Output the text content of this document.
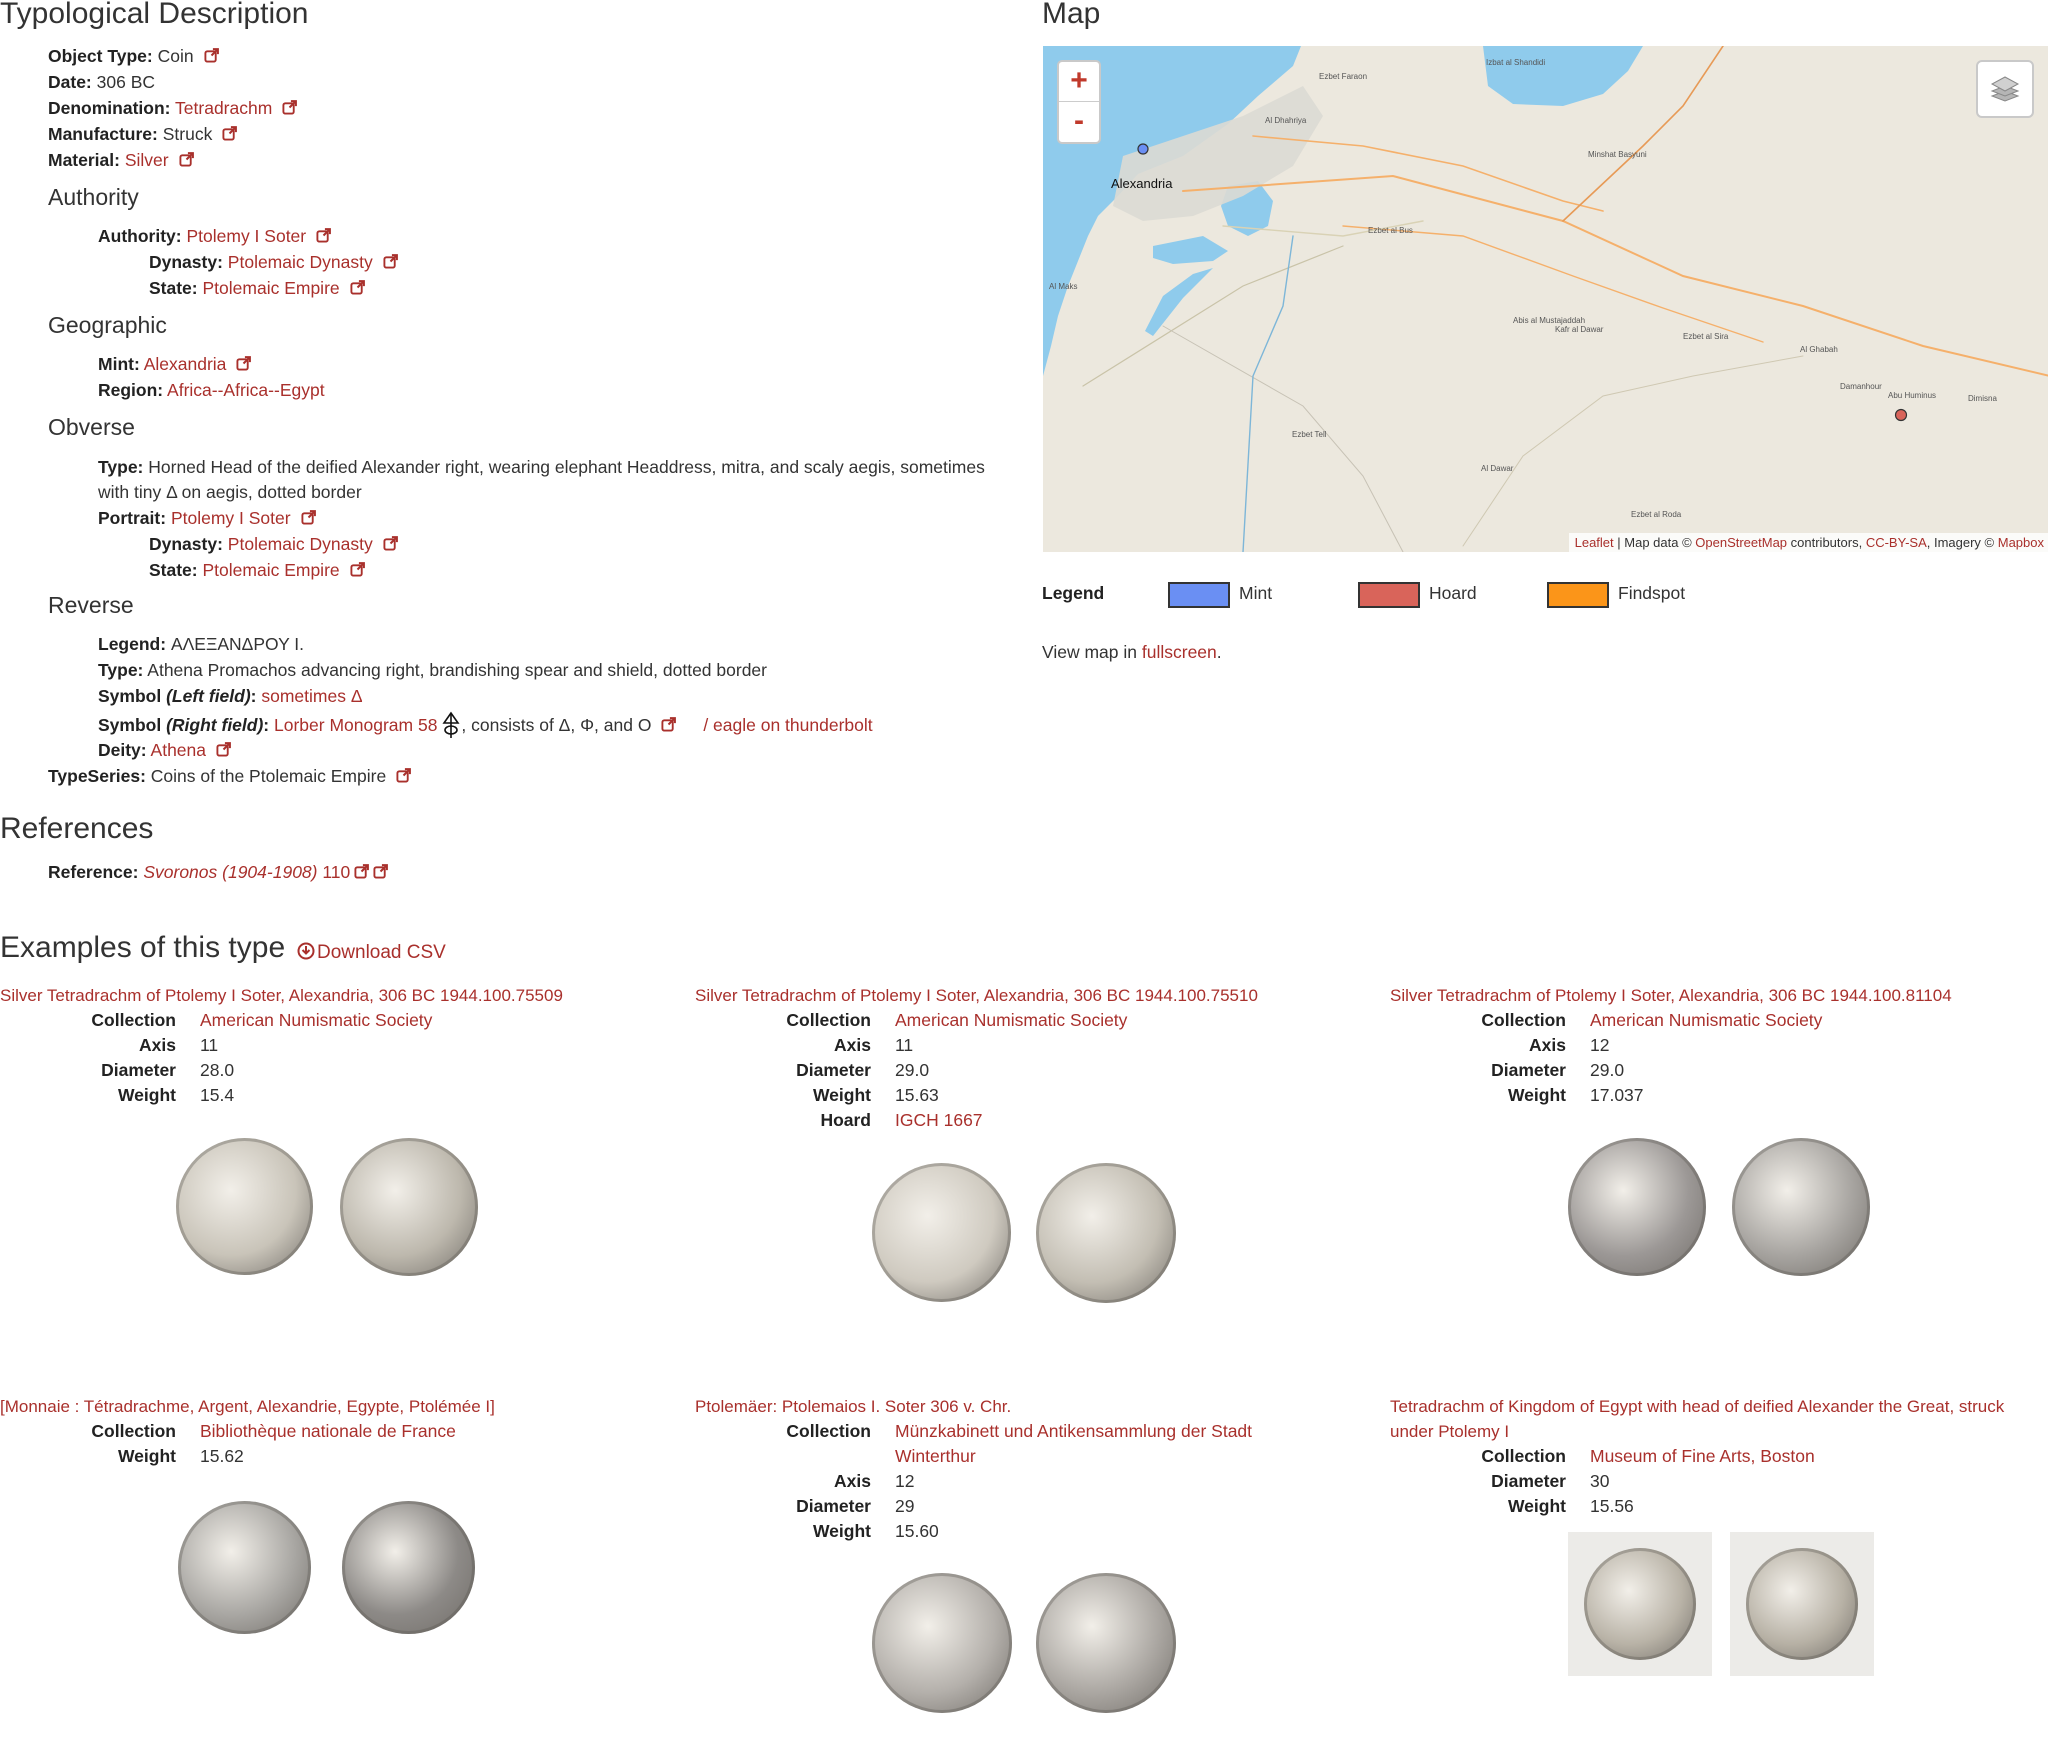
Typological Description
Object Type: Coin
Date: 306 BC
Denomination: Tetradrachm
Manufacture: Struck
Material: Silver
Authority
Authority: Ptolemy I Soter
Dynasty: Ptolemaic Dynasty
State: Ptolemaic Empire
Geographic
Mint: Alexandria
Region: Africa--Africa--Egypt
Obverse
Type: Horned Head of the deified Alexander right, wearing elephant Headdress, mitra, and scaly aegis, sometimes with tiny Δ on aegis, dotted border
Portrait: Ptolemy I Soter
Dynasty: Ptolemaic Dynasty
State: Ptolemaic Empire
Reverse
Legend: ΑΛΕΞΑΝΔΡΟΥ Ι.
Type: Athena Promachos advancing right, brandishing spear and shield, dotted border
Symbol (Left field): sometimes Δ
Symbol (Right field): Lorber Monogram 58 , consists of Δ, Φ, and Ο	/ eagle on thunderbolt
Deity: Athena
TypeSeries: Coins of the Ptolemaic Empire
References
Reference: Svoronos (1904-1908) 110
Map
+
-
Alexandria
Abu Huminus
Kafr al Dawar
Ezbet Faraon
Izbat al Shandidi
Al Dhahriya
Minshat Basyuni
Ezbet al Bus
Al Maks
Abis al Mustajaddah
Ezbet al Sira
Al Ghabah
Ezbet Tell
Al Dawar
Damanhour
Dimisna
Ezbet al Roda
Leaflet | Map data © OpenStreetMap contributors, CC-BY-SA, Imagery © Mapbox
Legend	Mint	Hoard	Findspot
View map in fullscreen.
Examples of this type	Download CSV
Silver Tetradrachm of Ptolemy I Soter, Alexandria, 306 BC 1944.100.75509
Collection	American Numismatic Society
Axis	11
Diameter	28.0
Weight	15.4
Silver Tetradrachm of Ptolemy I Soter, Alexandria, 306 BC 1944.100.75510
Collection	American Numismatic Society
Axis	11
Diameter	29.0
Weight	15.63
Hoard	IGCH 1667
Silver Tetradrachm of Ptolemy I Soter, Alexandria, 306 BC 1944.100.81104
Collection	American Numismatic Society
Axis	12
Diameter	29.0
Weight	17.037
[Monnaie : Tétradrachme, Argent, Alexandrie, Egypte, Ptolémée I]
Collection	Bibliothèque nationale de France
Weight	15.62
Ptolemäer: Ptolemaios I. Soter 306 v. Chr.
Collection	Münzkabinett und Antikensammlung der Stadt Winterthur
Axis	12
Diameter	29
Weight	15.60
Tetradrachm of Kingdom of Egypt with head of deified Alexander the Great, struck under Ptolemy I
Collection	Museum of Fine Arts, Boston
Diameter	30
Weight	15.56
